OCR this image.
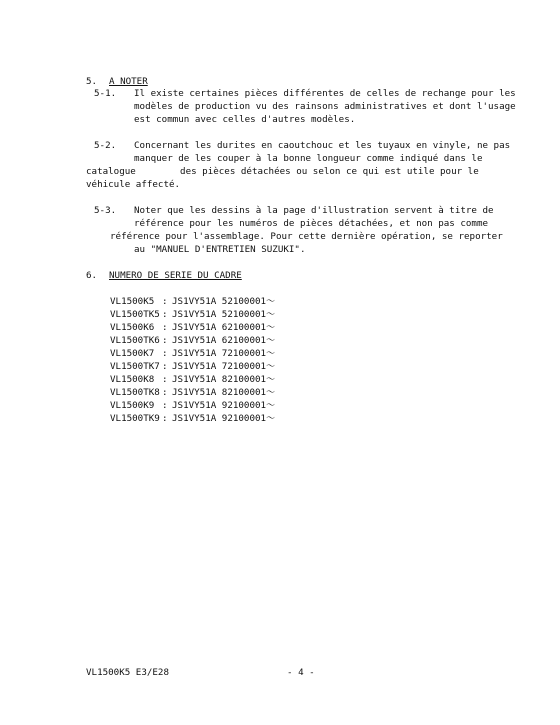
5. A NOTER
5-1. Il existe certaines pièces différentes de celles de rechange pour les
modèles de production vu des rainsons administratives et dont l'usage
est commun avec celles d'autres modèles.
5-2. Concernant les durites en caoutchouc et les tuyaux en vinyle, ne pas
manquer de les couper à la bonne longueur comme indiqué dans le
catalogue        des pièces détachées ou selon ce qui est utile pour le
véhicule affecté.
5-3. Noter que les dessins à la page d'illustration servent à titre de
référence pour les numéros de pièces détachées, et non pas comme
référence pour l'assemblage. Pour cette dernière opération, se reporter
au "MANUEL D'ENTRETIEN SUZUKI".
6. NUMERO DE SERIE DU CADRE
VL1500K5 : JS1VY51A 52100001～
VL1500TK5 : JS1VY51A 52100001～
VL1500K6 : JS1VY51A 62100001～
VL1500TK6 : JS1VY51A 62100001～
VL1500K7 : JS1VY51A 72100001～
VL1500TK7 : JS1VY51A 72100001～
VL1500K8 : JS1VY51A 82100001～
VL1500TK8 : JS1VY51A 82100001～
VL1500K9 : JS1VY51A 92100001～
VL1500TK9 : JS1VY51A 92100001～
VL1500K5 E3/E28	- 4 -
